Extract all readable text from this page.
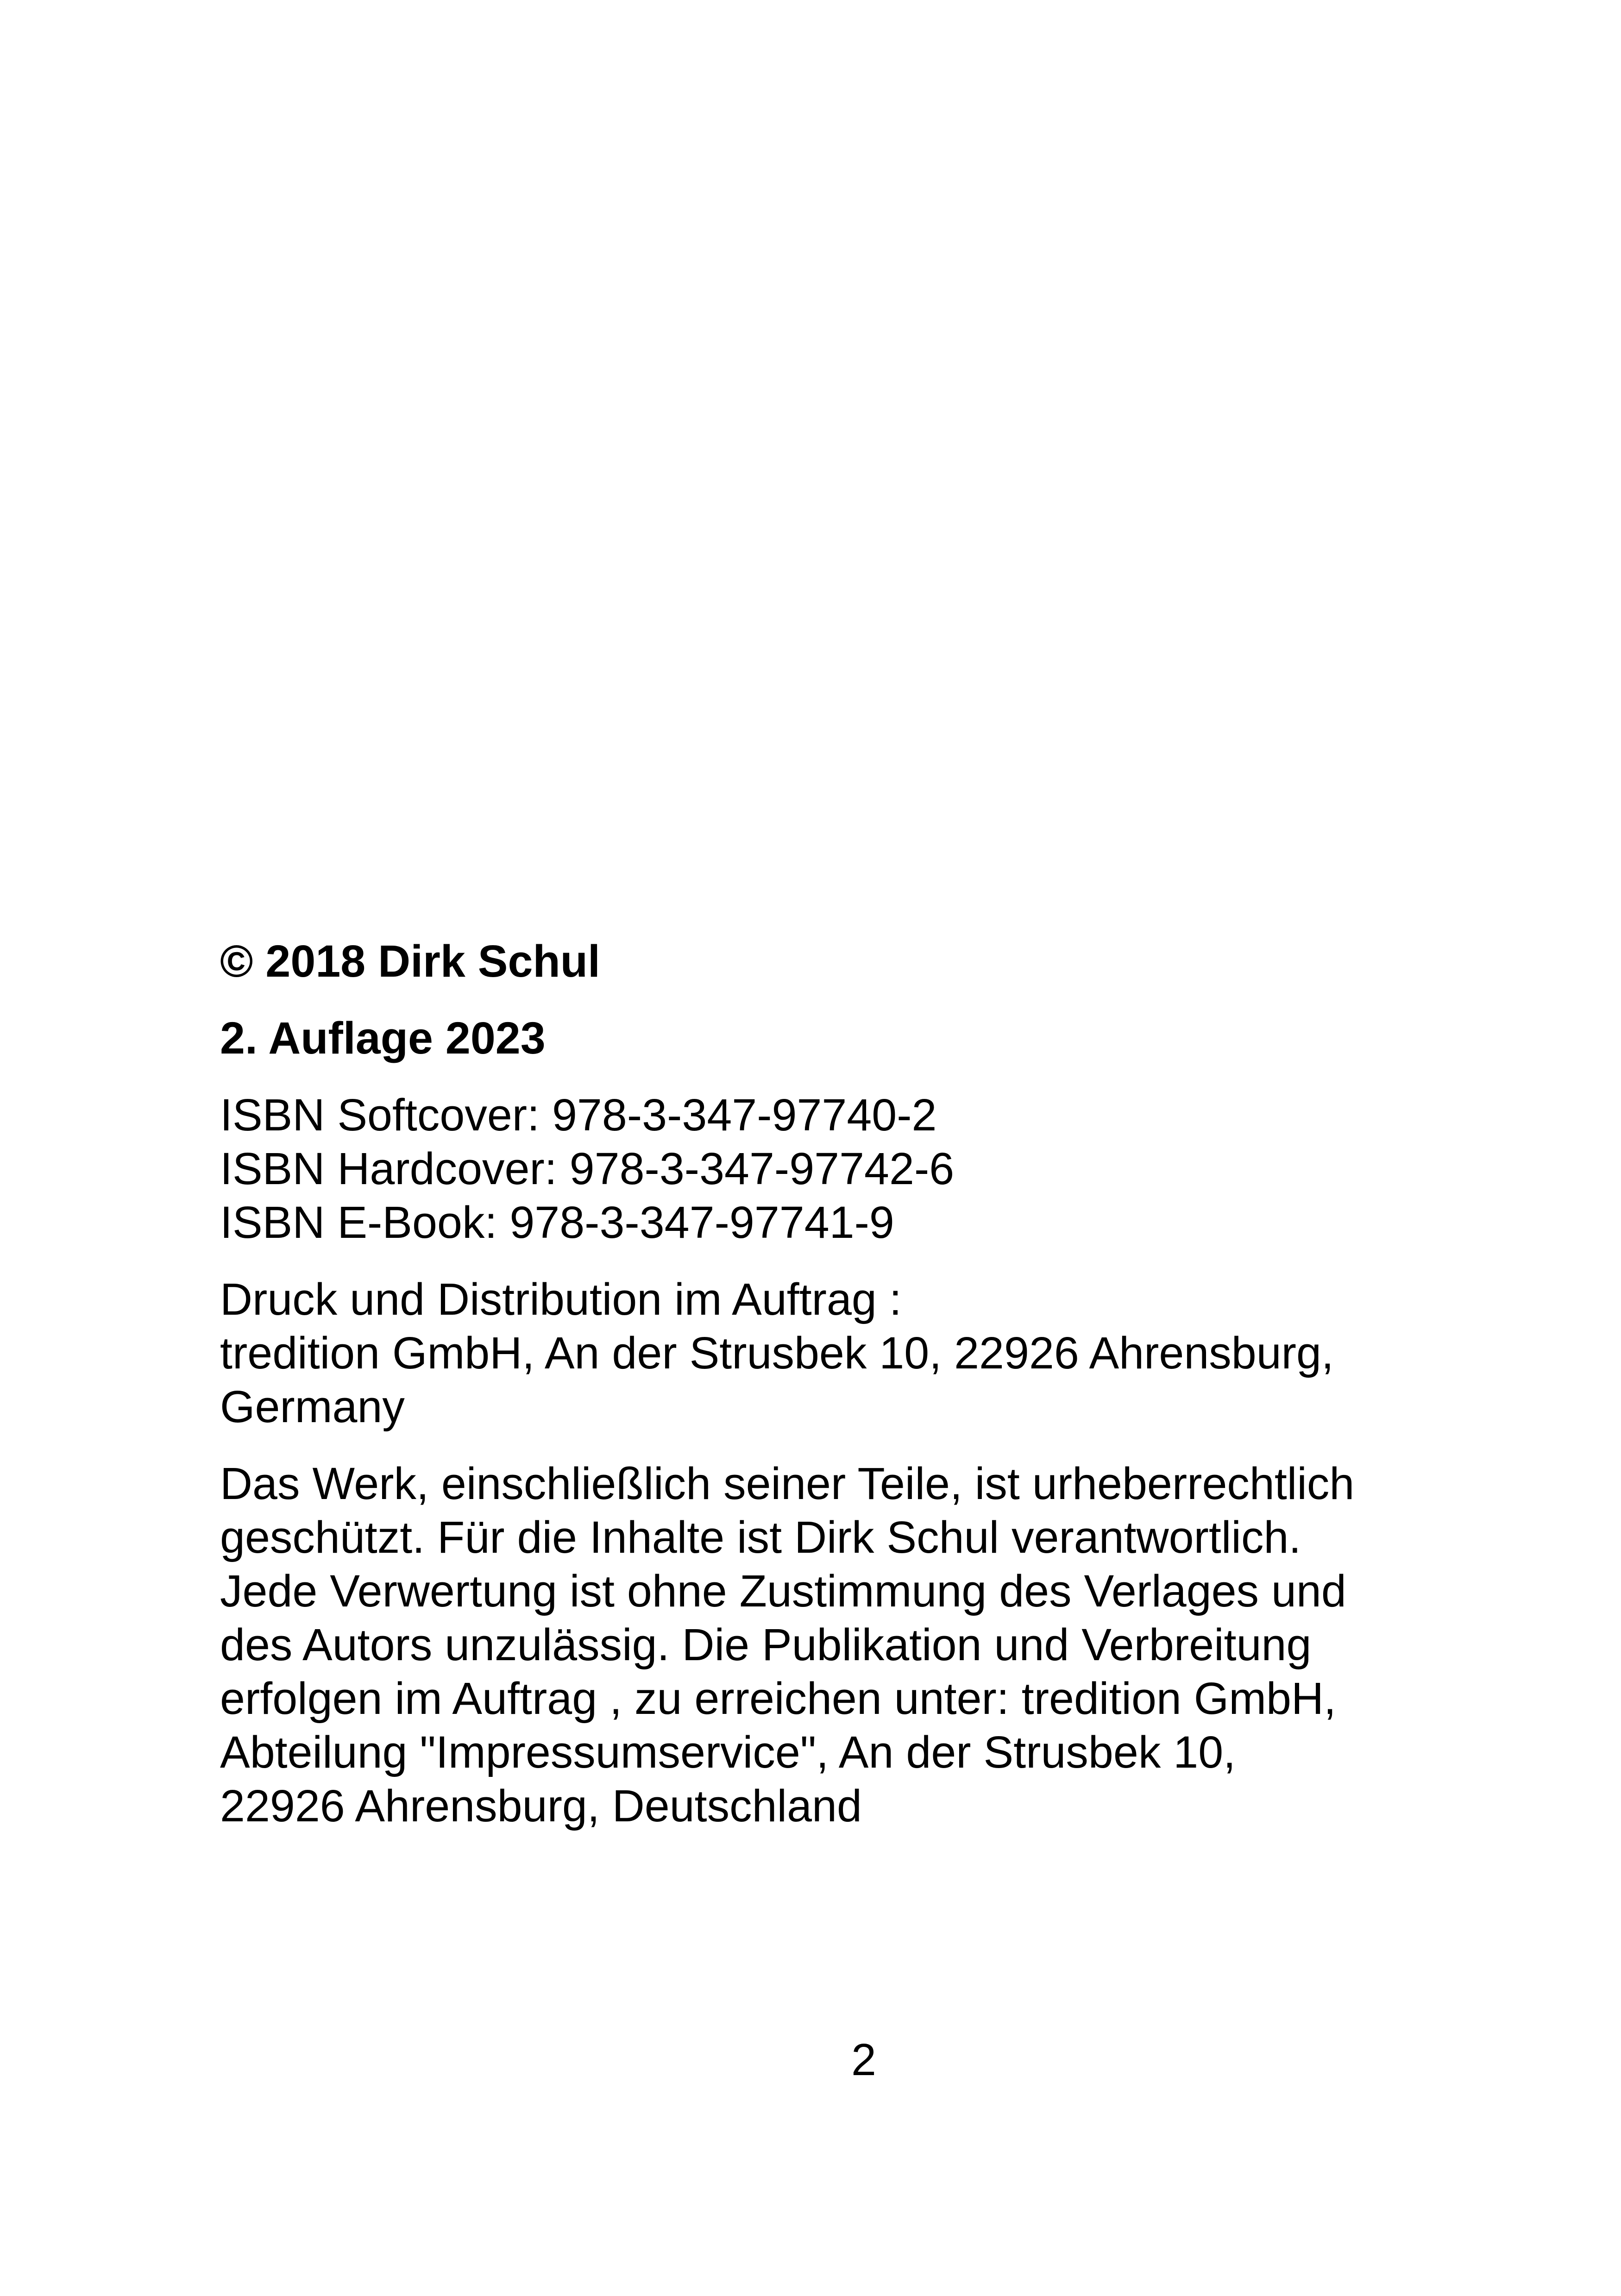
© 2018 Dirk Schul
2. Auflage 2023
ISBN Softcover: 978-3-347-97740-2
ISBN Hardcover: 978-3-347-97742-6
ISBN E-Book: 978-3-347-97741-9
Druck und Distribution im Auftrag :
tredition GmbH, An der Strusbek 10, 22926 Ahrensburg,
Germany
Das Werk, einschließlich seiner Teile, ist urheberrechtlich
geschützt. Für die Inhalte ist Dirk Schul verantwortlich.
Jede Verwertung ist ohne Zustimmung des Verlages und
des Autors unzulässig. Die Publikation und Verbreitung
erfolgen im Auftrag , zu erreichen unter: tredition GmbH,
Abteilung "Impressumservice", An der Strusbek 10,
22926 Ahrensburg, Deutschland
2
